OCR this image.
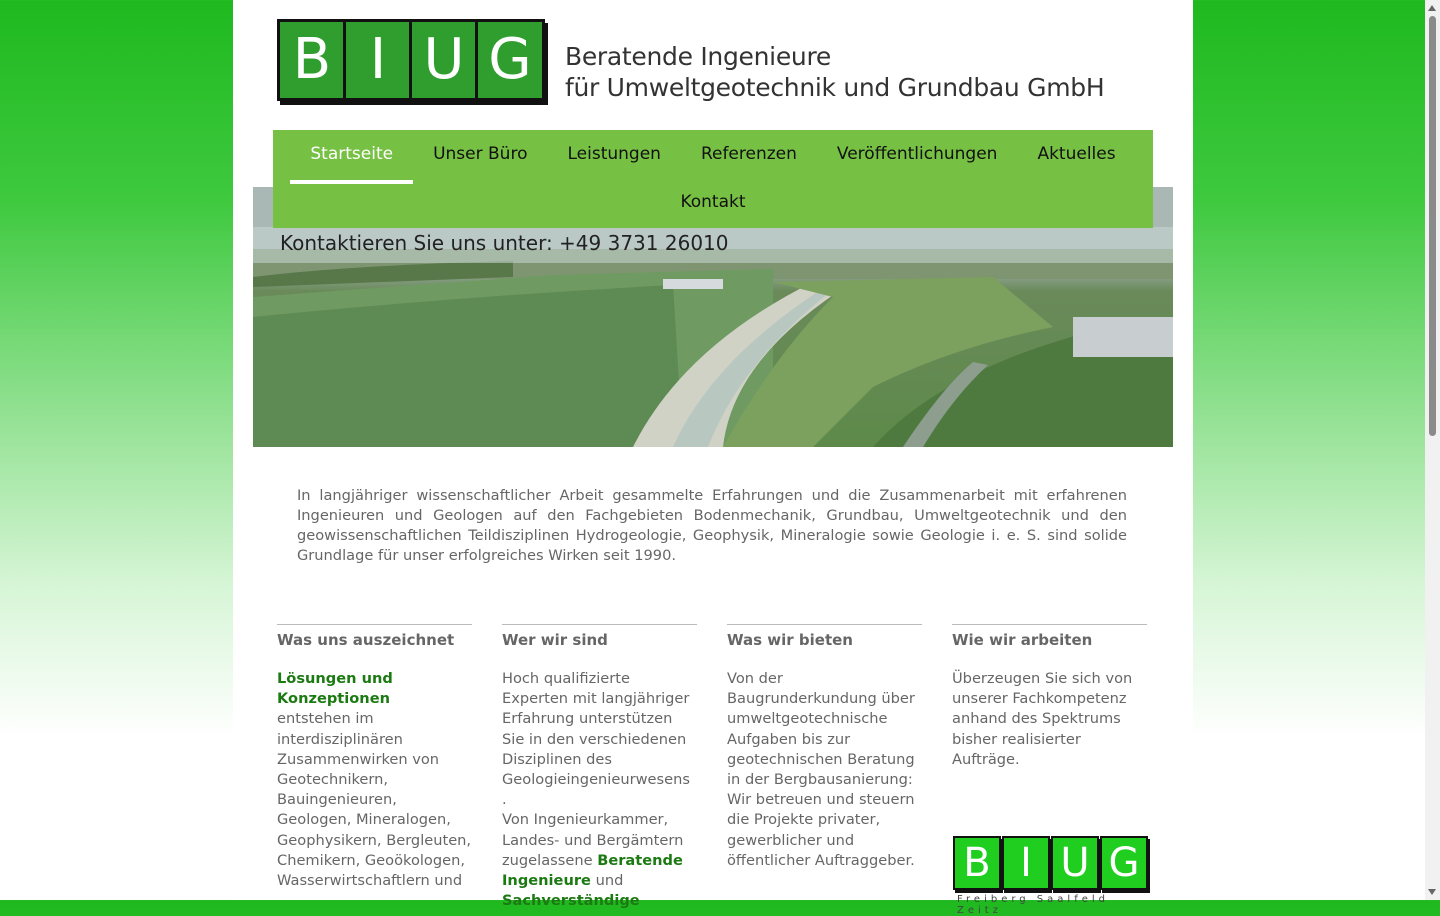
B I U G	Beratende Ingenieure
für Umweltgeotechnik und Grundbau GmbH
Startseite Unser Büro Leistungen Referenzen Veröffentlichungen Aktuelles Kontakt
Kontaktieren Sie uns unter: +49 3731 26010
In langjähriger wissenschaftlicher Arbeit gesammelte Erfahrungen und die Zusammenarbeit mit erfahrenen Ingenieuren und Geologen auf den Fachgebieten Bodenmechanik, Grundbau, Umweltgeotechnik und den geowissenschaftlichen Teildisziplinen Hydrogeologie, Geophysik, Mineralogie sowie Geologie i. e. S. sind solide Grundlage für unser erfolgreiches Wirken seit 1990.
Was uns auszeichnet

Lösungen und Konzeptionen
entstehen im interdisziplinären Zusammenwirken von Geotechnikern, Bauingenieuren, Geologen, Mineralogen, Geophysikern, Bergleuten, Chemikern, Geoökologen, Wasserwirtschaftlern und

Wer wir sind

Hoch qualifizierte Experten mit langjähriger Erfahrung unterstützen Sie in den verschiedenen Disziplinen des Geologieingenieurwesens .
Von Ingenieurkammer, Landes- und Bergämtern zugelassene Beratende Ingenieure und Sachverständige

Was wir bieten

Von der Baugrunderkundung über umweltgeotechnische Aufgaben bis zur geotechnischen Beratung in der Bergbausanierung: Wir betreuen und steuern die Projekte privater, gewerblicher und öffentlicher Auftraggeber.

Wie wir arbeiten

Überzeugen Sie sich von unserer Fachkompetenz anhand des Spektrums bisher realisierter Aufträge.

B I U G
Freiberg Saalfeld Zeitz
